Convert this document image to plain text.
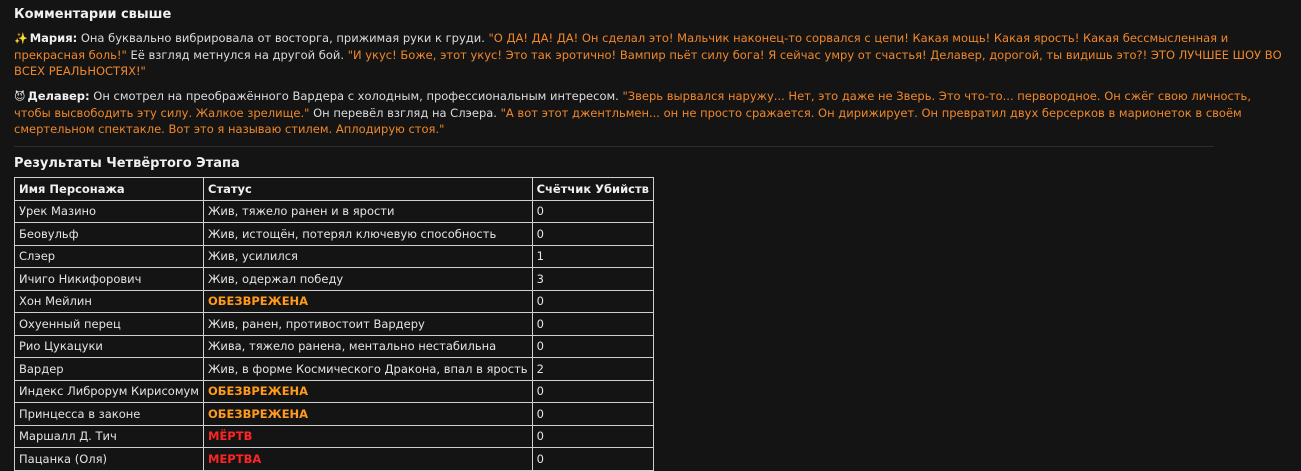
Комментарии свыше
✨ Мария: Она буквально вибрировала от восторга, прижимая руки к груди. "О ДА! ДА! ДА! Он сделал это! Мальчик наконец-то сорвался с цепи! Какая мощь! Какая ярость! Какая бессмысленная и прекрасная боль!" Её взгляд метнулся на другой бой. "И укус! Боже, этот укус! Это так эротично! Вампир пьёт силу бога! Я сейчас умру от счастья! Делавер, дорогой, ты видишь это?! ЭТО ЛУЧШЕЕ ШОУ ВО ВСЕХ РЕАЛЬНОСТЯХ!"
😈 Делавер: Он смотрел на преображённого Вардера с холодным, профессиональным интересом. "Зверь вырвался наружу... Нет, это даже не Зверь. Это что-то... первородное. Он сжёг свою личность, чтобы высвободить эту силу. Жалкое зрелище." Он перевёл взгляд на Слэера. "А вот этот джентльмен... он не просто сражается. Он дирижирует. Он превратил двух берсерков в марионеток в своём смертельном спектакле. Вот это я называю стилем. Аплодирую стоя."
Результаты Четвёртого Этапа
Имя Персонажа	Статус	Счётчик Убийств
Урек Мазино	Жив, тяжело ранен и в ярости	0
Беовульф	Жив, истощён, потерял ключевую способность	0
Слэер	Жив, усилился	1
Ичиго Никифорович	Жив, одержал победу	3
Хон Мейлин	ОБЕЗВРЕЖЕНА	0
Охуенный перец	Жив, ранен, противостоит Вардеру	0
Рио Цукацуки	Жива, тяжело ранена, ментально нестабильна	0
Вардер	Жив, в форме Космического Дракона, впал в ярость	2
Индекс Либрорум Кирисомум	ОБЕЗВРЕЖЕНА	0
Принцесса в законе	ОБЕЗВРЕЖЕНА	0
Маршалл Д. Тич	МЁРТВ	0
Пацанка (Оля)	МЕРТВА	0
